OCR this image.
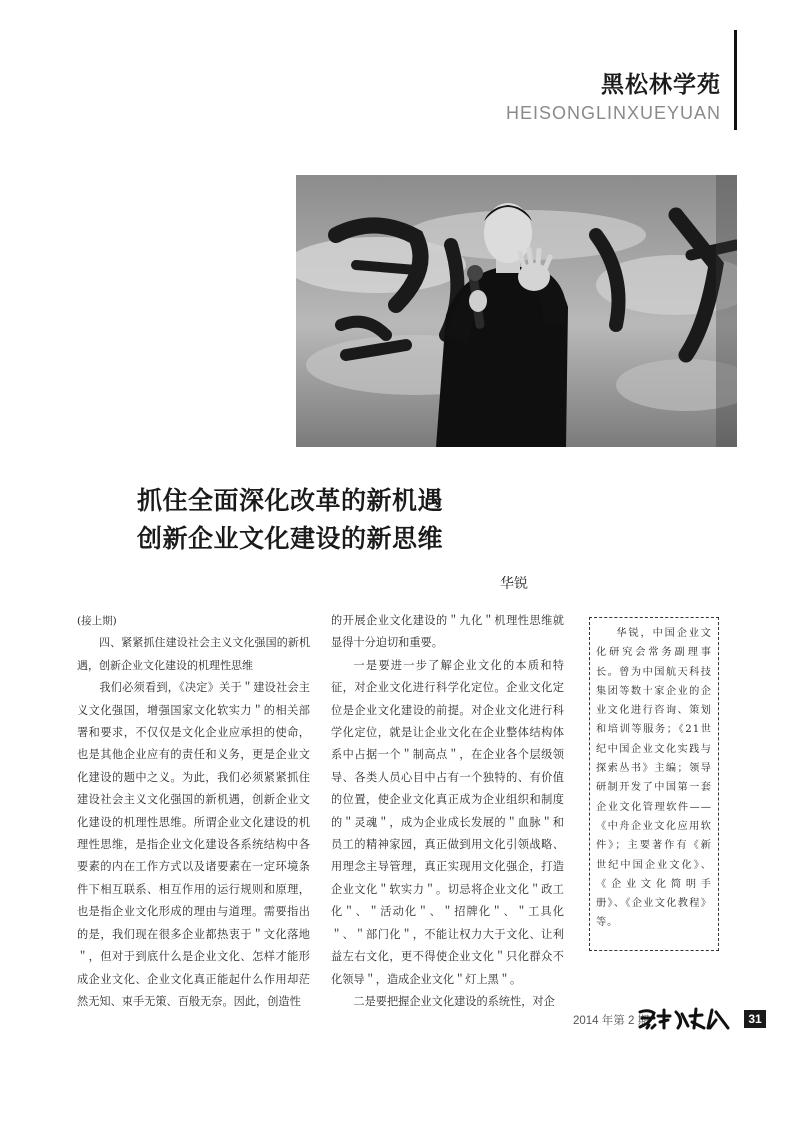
黑松林学苑
HEISONGLINXUEYUAN
抓住全面深化改革的新机遇
创新企业文化建设的新思维
华锐

(接上期)

四、紧紧抓住建设社会主义文化强国的新机遇，创新企业文化建设的机理性思维

我们必须看到，《决定》关于＂建设社会主义文化强国，增强国家文化软实力＂的相关部署和要求，不仅仅是文化企业应承担的使命，也是其他企业应有的责任和义务，更是企业文化建设的题中之义。为此，我们必须紧紧抓住建设社会主义文化强国的新机遇，创新企业文化建设的机理性思维。所谓企业文化建设的机理性思维，是指企业文化建设各系统结构中各要素的内在工作方式以及诸要素在一定环境条件下相互联系、相互作用的运行规则和原理，也是指企业文化形成的理由与道理。需要指出的是，我们现在很多企业都热衷于＂文化落地＂，但对于到底什么是企业文化、怎样才能形成企业文化、企业文化真正能起什么作用却茫然无知、束手无策、百般无奈。因此，创造性

的开展企业文化建设的＂九化＂机理性思维就显得十分迫切和重要。

一是要进一步了解企业文化的本质和特征，对企业文化进行科学化定位。企业文化定位是企业文化建设的前提。对企业文化进行科学化定位，就是让企业文化在企业整体结构体系中占据一个＂制高点＂，在企业各个层级领导、各类人员心目中占有一个独特的、有价值的位置，使企业文化真正成为企业组织和制度的＂灵魂＂，成为企业成长发展的＂血脉＂和员工的精神家园，真正做到用文化引领战略、用理念主导管理，真正实现用文化强企，打造企业文化＂软实力＂。切忌将企业文化＂政工化＂、＂活动化＂、＂招牌化＂、＂工具化＂、＂部门化＂，不能让权力大于文化、让利益左右文化，更不得使企业文化＂只化群众不化领导＂，造成企业文化＂灯上黑＂。

二是要把握企业文化建设的系统性，对企

华锐，中国企业文化研究会常务副理事长。曾为中国航天科技集团等数十家企业的企业文化进行咨询、策划和培训等服务；《21世纪中国企业文化实践与探索丛书》主编；领导研制开发了中国第一套企业文化管理软件——《中舟企业文化应用软件》；主要著作有《新世纪中国企业文化》、《企业文化简明手册》、《企业文化教程》等。

2014 年第 2 期
黑松林人
31
